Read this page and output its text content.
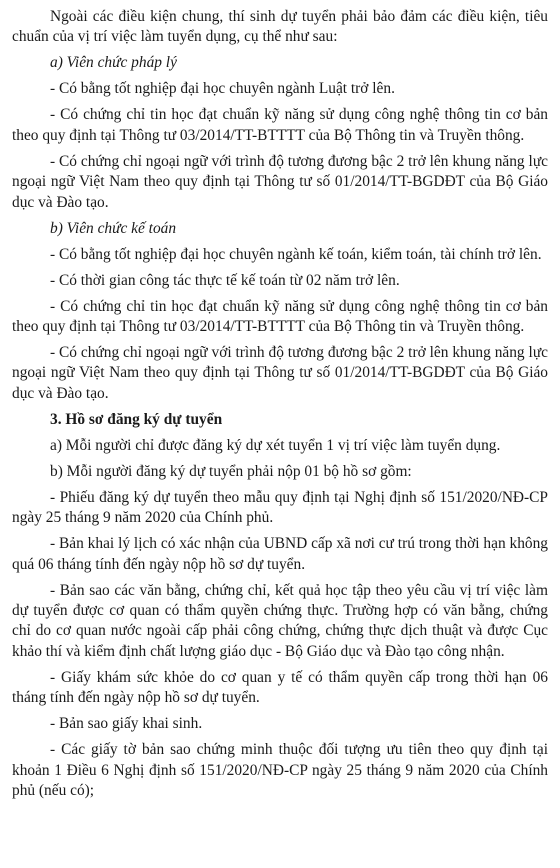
Ngoài các điều kiện chung, thí sinh dự tuyển phải bảo đảm các điều kiện, tiêu chuẩn của vị trí việc làm tuyển dụng, cụ thể như sau:

a) Viên chức pháp lý

- Có bằng tốt nghiệp đại học chuyên ngành Luật trở lên.

- Có chứng chỉ tin học đạt chuẩn kỹ năng sử dụng công nghệ thông tin cơ bản theo quy định tại Thông tư 03/2014/TT-BTTTT của Bộ Thông tin và Truyền thông.

- Có chứng chỉ ngoại ngữ với trình độ tương đương bậc 2 trở lên khung năng lực ngoại ngữ Việt Nam theo quy định tại Thông tư số 01/2014/TT-BGDĐT của Bộ Giáo dục và Đào tạo.

b) Viên chức kế toán

- Có bằng tốt nghiệp đại học chuyên ngành kế toán, kiểm toán, tài chính trở lên.

- Có thời gian công tác thực tế kế toán từ 02 năm trở lên.

- Có chứng chỉ tin học đạt chuẩn kỹ năng sử dụng công nghệ thông tin cơ bản theo quy định tại Thông tư 03/2014/TT-BTTTT của Bộ Thông tin và Truyền thông.

- Có chứng chỉ ngoại ngữ với trình độ tương đương bậc 2 trở lên khung năng lực ngoại ngữ Việt Nam theo quy định tại Thông tư số 01/2014/TT-BGDĐT của Bộ Giáo dục và Đào tạo.

3. Hồ sơ đăng ký dự tuyển

a) Mỗi người chỉ được đăng ký dự xét tuyển 1 vị trí việc làm tuyển dụng.

b) Mỗi người đăng ký dự tuyển phải nộp 01 bộ hồ sơ gồm:

- Phiếu đăng ký dự tuyển theo mẫu quy định tại Nghị định số 151/2020/NĐ-CP ngày 25 tháng 9 năm 2020 của Chính phủ.

- Bản khai lý lịch có xác nhận của UBND cấp xã nơi cư trú trong thời hạn không quá 06 tháng tính đến ngày nộp hồ sơ dự tuyển.

- Bản sao các văn bằng, chứng chỉ, kết quả học tập theo yêu cầu vị trí việc làm dự tuyển được cơ quan có thẩm quyền chứng thực. Trường hợp có văn bằng, chứng chỉ do cơ quan nước ngoài cấp phải công chứng, chứng thực dịch thuật và được Cục khảo thí và kiểm định chất lượng giáo dục - Bộ Giáo dục và Đào tạo công nhận.

- Giấy khám sức khỏe do cơ quan y tế có thẩm quyền cấp trong thời hạn 06 tháng tính đến ngày nộp hồ sơ dự tuyển.

- Bản sao giấy khai sinh.

- Các giấy tờ bản sao chứng minh thuộc đối tượng ưu tiên theo quy định tại khoản 1 Điều 6 Nghị định số 151/2020/NĐ-CP ngày 25 tháng 9 năm 2020 của Chính phủ (nếu có);
